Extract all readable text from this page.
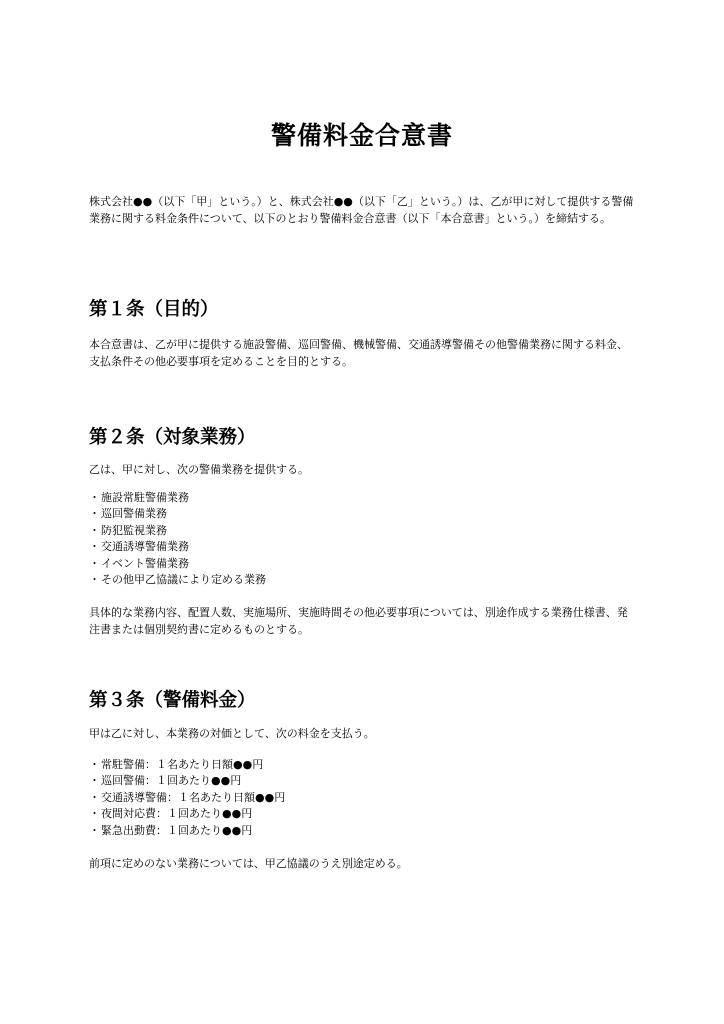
警備料金合意書

株式会社●●（以下「甲」という。）と、株式会社●●（以下「乙」という。）は、乙が甲に対して提供する警備業務に関する料金条件について、以下のとおり警備料金合意書（以下「本合意書」という。）を締結する。

第１条（目的）

本合意書は、乙が甲に提供する施設警備、巡回警備、機械警備、交通誘導警備その他警備業務に関する料金、支払条件その他必要事項を定めることを目的とする。

第２条（対象業務）

乙は、甲に対し、次の警備業務を提供する。

・施設常駐警備業務
・巡回警備業務
・防犯監視業務
・交通誘導警備業務
・イベント警備業務
・その他甲乙協議により定める業務

具体的な業務内容、配置人数、実施場所、実施時間その他必要事項については、別途作成する業務仕様書、発注書または個別契約書に定めるものとする。

第３条（警備料金）

甲は乙に対し、本業務の対価として、次の料金を支払う。

・常駐警備：１名あたり日額●●円
・巡回警備：１回あたり●●円
・交通誘導警備：１名あたり日額●●円
・夜間対応費：１回あたり●●円
・緊急出動費：１回あたり●●円

前項に定めのない業務については、甲乙協議のうえ別途定める。
